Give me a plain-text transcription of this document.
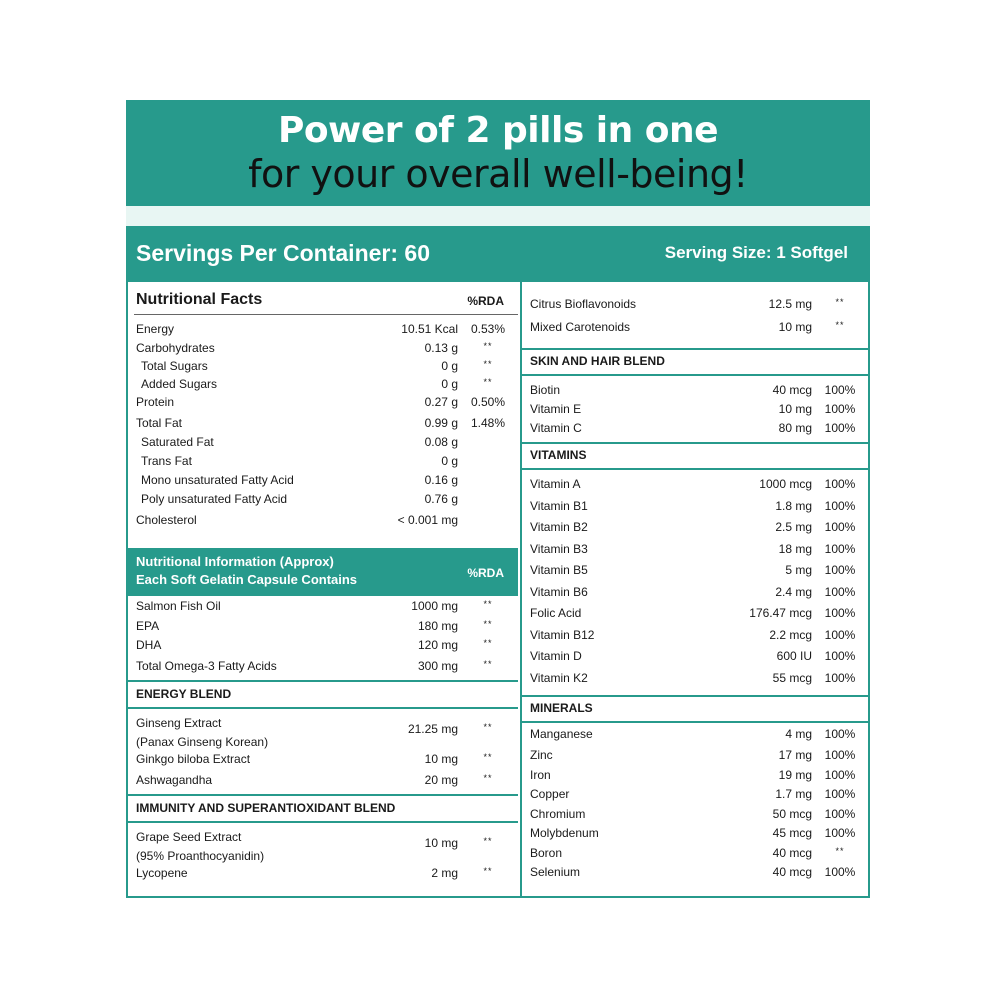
Power of 2 pills in one
for your overall well-being!
Servings Per Container: 60	Serving Size: 1 Softgel
Nutritional Facts	%RDA
Energy	10.51 Kcal	0.53%
Carbohydrates	0.13 g	**
Total Sugars	0 g	**
Added Sugars	0 g	**
Protein	0.27 g	0.50%
Total Fat	0.99 g	1.48%
Saturated Fat	0.08 g
Trans Fat	0 g
Mono unsaturated Fatty Acid	0.16 g
Poly unsaturated Fatty Acid	0.76 g
Cholesterol	< 0.001 mg
Nutritional Information (Approx)
Each Soft Gelatin Capsule Contains	%RDA
Salmon Fish Oil	1000 mg	**
EPA	180 mg	**
DHA	120 mg	**
Total Omega-3 Fatty Acids	300 mg	**
ENERGY BLEND
Ginseng Extract
(Panax Ginseng Korean)
21.25 mg	**
Ginkgo biloba Extract	10 mg	**
Ashwagandha	20 mg	**
IMMUNITY AND SUPERANTIOXIDANT BLEND
Grape Seed Extract
(95% Proanthocyanidin)
10 mg	**
Lycopene	2 mg	**
Citrus Bioflavonoids	12.5 mg	**
Mixed Carotenoids	10 mg	**
SKIN AND HAIR BLEND
Biotin	40 mcg	100%
Vitamin E	10 mg	100%
Vitamin C	80 mg	100%
VITAMINS
Vitamin A	1000 mcg	100%
Vitamin B1	1.8 mg	100%
Vitamin B2	2.5 mg	100%
Vitamin B3	18 mg	100%
Vitamin B5	5 mg	100%
Vitamin B6	2.4 mg	100%
Folic Acid	176.47 mcg	100%
Vitamin B12	2.2 mcg	100%
Vitamin D	600 IU	100%
Vitamin K2	55 mcg	100%
MINERALS
Manganese	4 mg	100%
Zinc	17 mg	100%
Iron	19 mg	100%
Copper	1.7 mg	100%
Chromium	50 mcg	100%
Molybdenum	45 mcg	100%
Boron	40 mcg	**
Selenium	40 mcg	100%
